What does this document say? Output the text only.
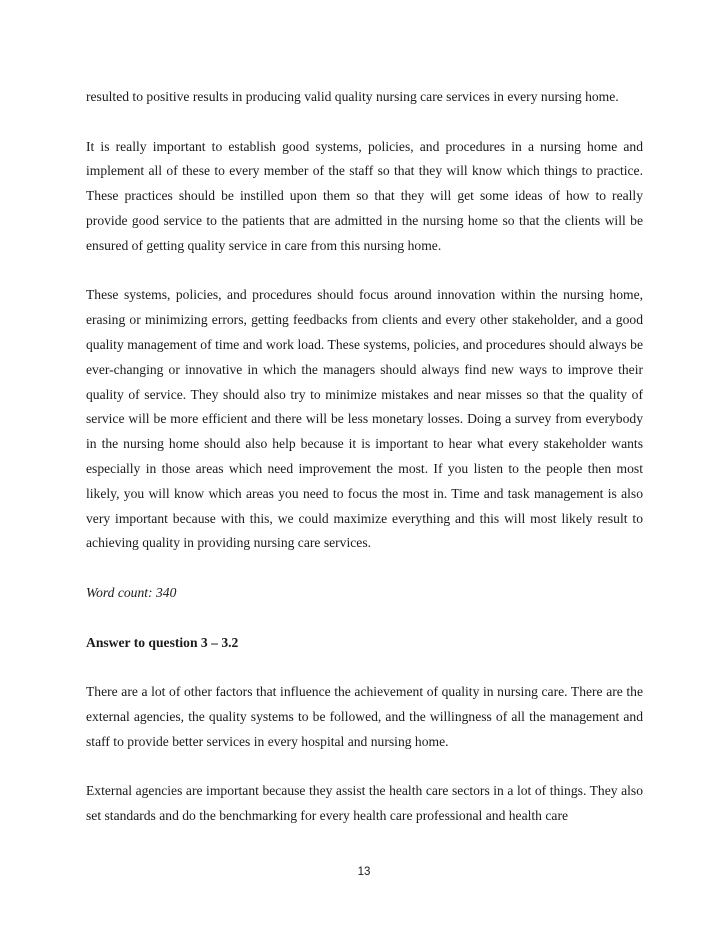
resulted to positive results in producing valid quality nursing care services in every nursing home.

It is really important to establish good systems, policies, and procedures in a nursing home and implement all of these to every member of the staff so that they will know which things to practice. These practices should be instilled upon them so that they will get some ideas of how to really provide good service to the patients that are admitted in the nursing home so that the clients will be ensured of getting quality service in care from this nursing home.

These systems, policies, and procedures should focus around innovation within the nursing home, erasing or minimizing errors, getting feedbacks from clients and every other stakeholder, and a good quality management of time and work load. These systems, policies, and procedures should always be ever-changing or innovative in which the managers should always find new ways to improve their quality of service. They should also try to minimize mistakes and near misses so that the quality of service will be more efficient and there will be less monetary losses. Doing a survey from everybody in the nursing home should also help because it is important to hear what every stakeholder wants especially in those areas which need improvement the most. If you listen to the people then most likely, you will know which areas you need to focus the most in. Time and task management is also very important because with this, we could maximize everything and this will most likely result to achieving quality in providing nursing care services.

Word count: 340

Answer to question 3 – 3.2

There are a lot of other factors that influence the achievement of quality in nursing care. There are the external agencies, the quality systems to be followed, and the willingness of all the management and staff to provide better services in every hospital and nursing home.

External agencies are important because they assist the health care sectors in a lot of things. They also set standards and do the benchmarking for every health care professional and health care

13
